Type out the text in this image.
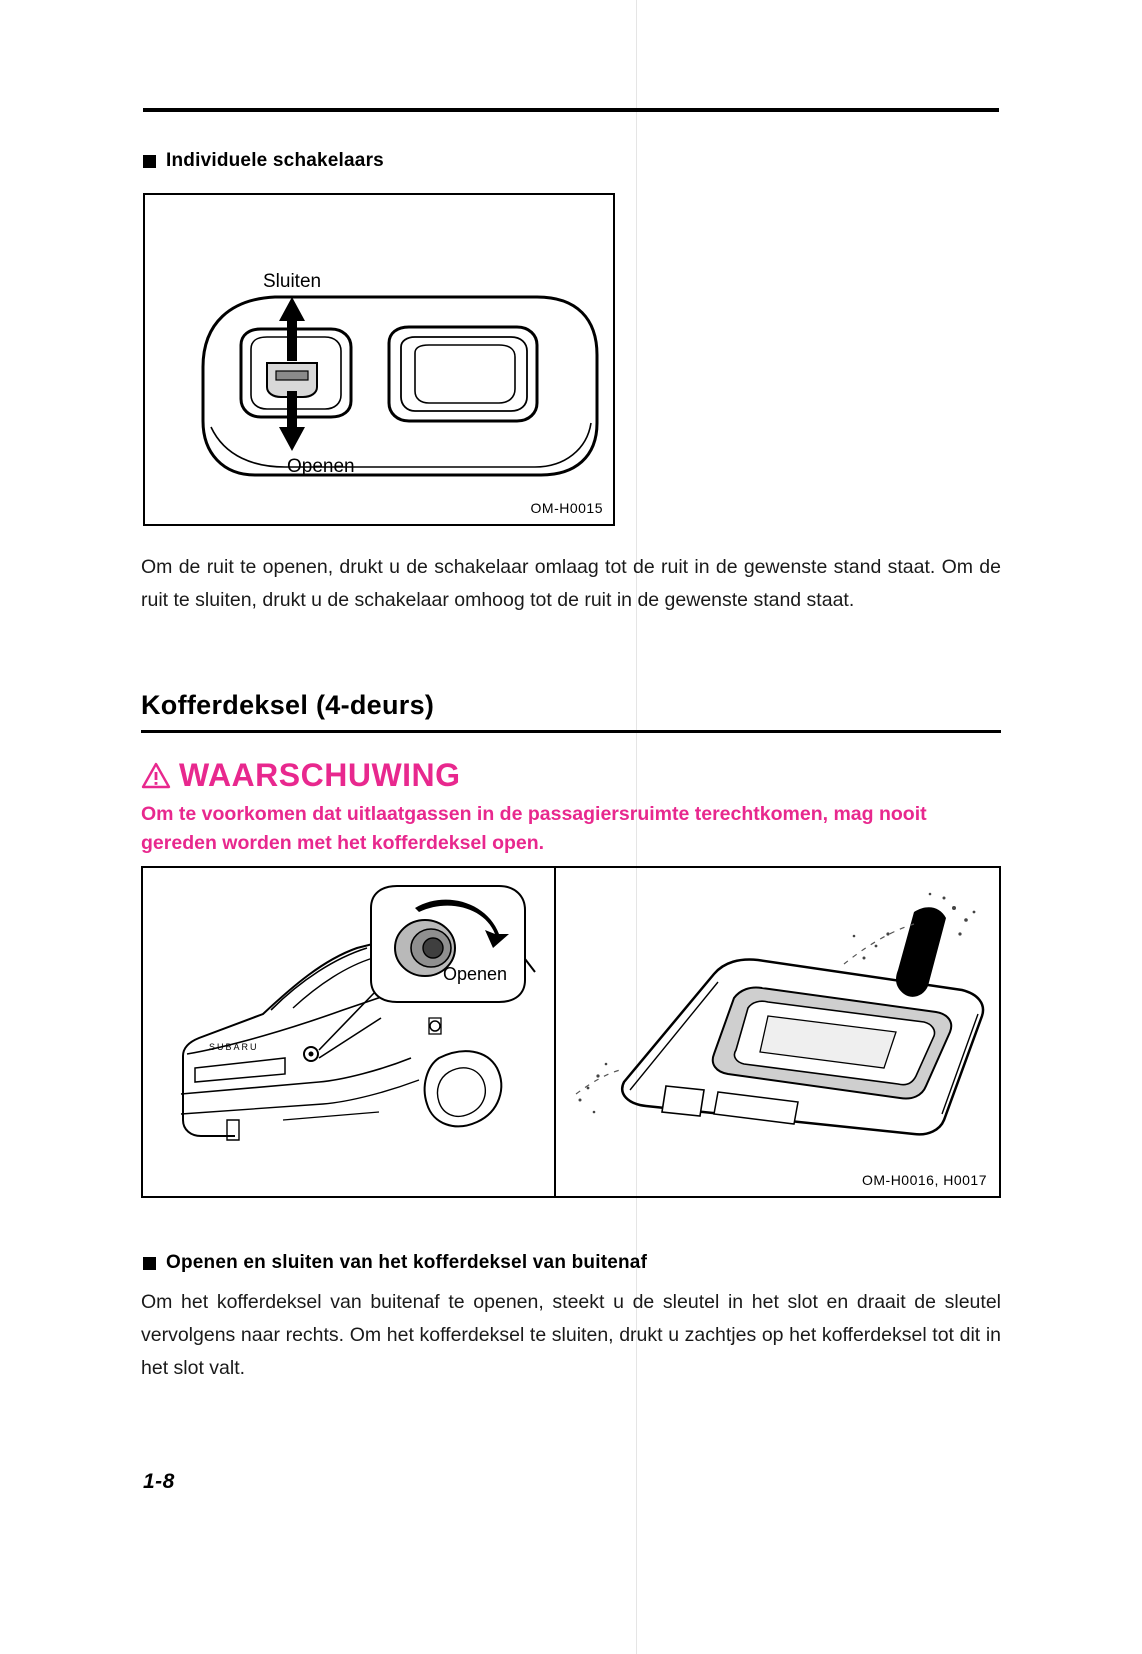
Individuele schakelaars
Sluiten
Openen
OM-H0015
Om de ruit te openen, drukt u de schakelaar omlaag tot de ruit in de gewenste stand staat. Om de ruit te sluiten, drukt u de schakelaar omhoog tot de ruit in de gewenste stand staat.
Kofferdeksel (4-deurs)
WAARSCHUWING
Om te voorkomen dat uitlaatgassen in de passagiersruimte terechtkomen, mag nooit gereden worden met het kofferdeksel open.
SUBARU
Openen
OM-H0016, H0017
Openen en sluiten van het kofferdeksel van buitenaf
Om het kofferdeksel van buitenaf te openen, steekt u de sleutel in het slot en draait de sleutel vervolgens naar rechts. Om het kofferdeksel te sluiten, drukt u zachtjes op het kofferdeksel tot dit in het slot valt.
1-8
